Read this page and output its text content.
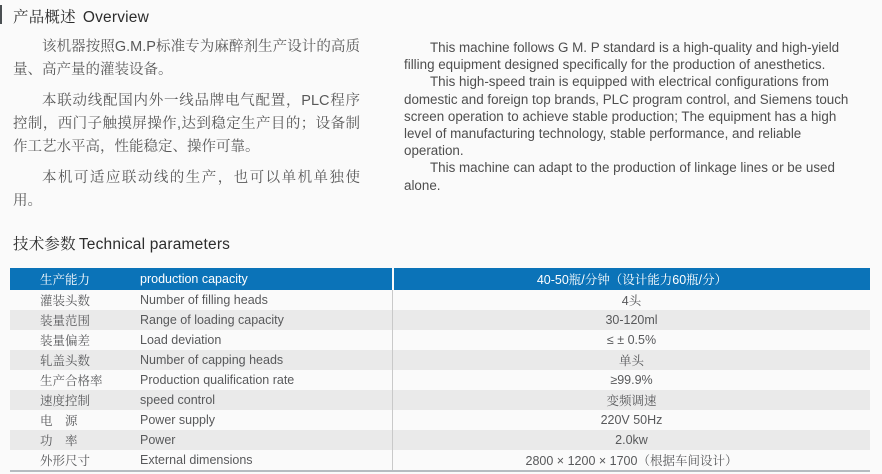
产品概述 Overview

该机器按照G.M.P标准专为麻醉剂生产设计的高质量、高产量的灌装设备。

本联动线配国内外一线品牌电气配置，PLC程序控制，西门子触摸屏操作,达到稳定生产目的；设备制作工艺水平高，性能稳定、操作可靠。

本机可适应联动线的生产，也可以单机单独使用。

This machine follows G M. P standard is a high-quality and high-yield filling equipment designed specifically for the production of anesthetics.

This high-speed train is equipped with electrical configurations from domestic and foreign top brands, PLC program control, and Siemens touch screen operation to achieve stable production; The equipment has a high level of manufacturing technology, stable performance, and reliable operation.

This machine can adapt to the production of linkage lines or be used alone.

技术参数 Technical parameters
生产能力	production capacity	40-50瓶/分钟（设计能力60瓶/分）
灌装头数	Number of filling heads	4头
装量范围	Range of loading capacity	30-120ml
装量偏差	Load deviation	≤ ± 0.5%
轧盖头数	Number of capping heads	单头
生产合格率	Production qualification rate	≥99.9%
速度控制	speed control	变频调速
电　源	Power supply	220V 50Hz
功　率	Power	2.0kw
外形尺寸	External dimensions	2800 × 1200 × 1700（根据车间设计）
